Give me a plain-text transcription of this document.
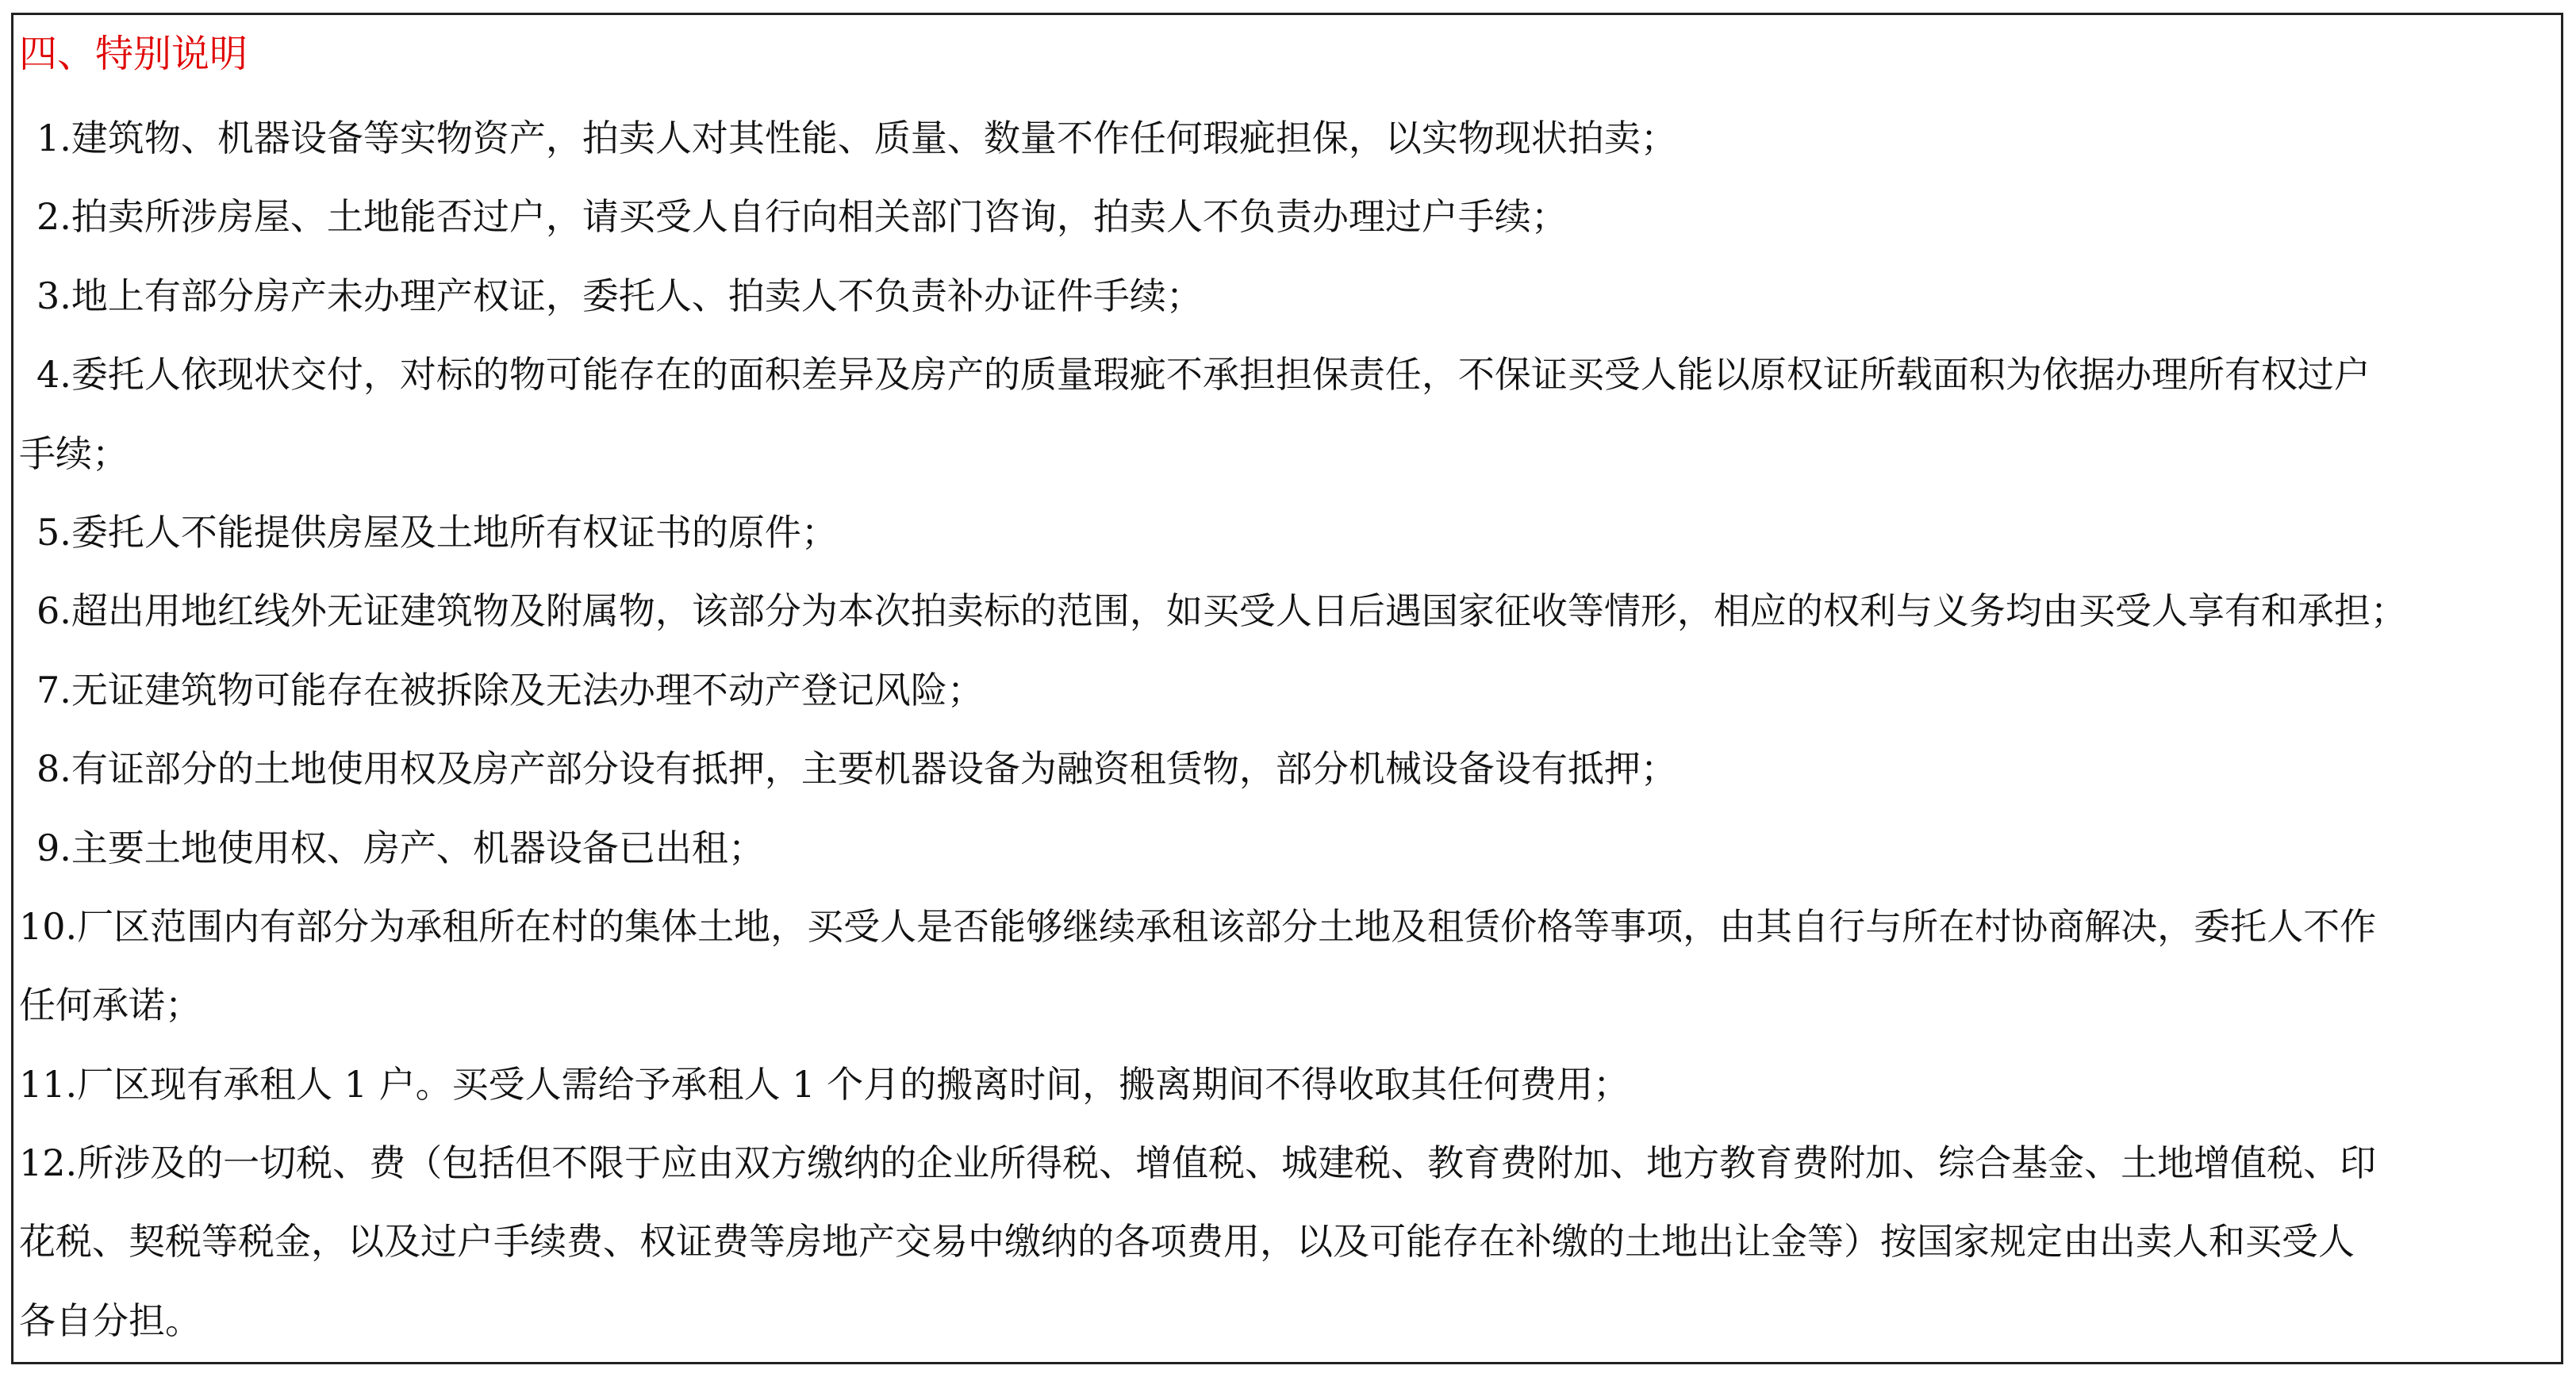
四、特别说明
1.建筑物、机器设备等实物资产，拍卖人对其性能、质量、数量不作任何瑕疵担保，以实物现状拍卖；
2.拍卖所涉房屋、土地能否过户，请买受人自行向相关部门咨询，拍卖人不负责办理过户手续；
3.地上有部分房产未办理产权证，委托人、拍卖人不负责补办证件手续；
4.委托人依现状交付，对标的物可能存在的面积差异及房产的质量瑕疵不承担担保责任，不保证买受人能以原权证所载面积为依据办理所有权过户
手续；
5.委托人不能提供房屋及土地所有权证书的原件；
6.超出用地红线外无证建筑物及附属物，该部分为本次拍卖标的范围，如买受人日后遇国家征收等情形，相应的权利与义务均由买受人享有和承担；
7.无证建筑物可能存在被拆除及无法办理不动产登记风险；
8.有证部分的土地使用权及房产部分设有抵押，主要机器设备为融资租赁物，部分机械设备设有抵押；
9.主要土地使用权、房产、机器设备已出租；
10.厂区范围内有部分为承租所在村的集体土地，买受人是否能够继续承租该部分土地及租赁价格等事项，由其自行与所在村协商解决，委托人不作
任何承诺；
11.厂区现有承租人 1 户。买受人需给予承租人 1 个月的搬离时间，搬离期间不得收取其任何费用；
12.所涉及的一切税、费（包括但不限于应由双方缴纳的企业所得税、增值税、城建税、教育费附加、地方教育费附加、综合基金、土地增值税、印
花税、契税等税金，以及过户手续费、权证费等房地产交易中缴纳的各项费用，以及可能存在补缴的土地出让金等）按国家规定由出卖人和买受人
各自分担。
